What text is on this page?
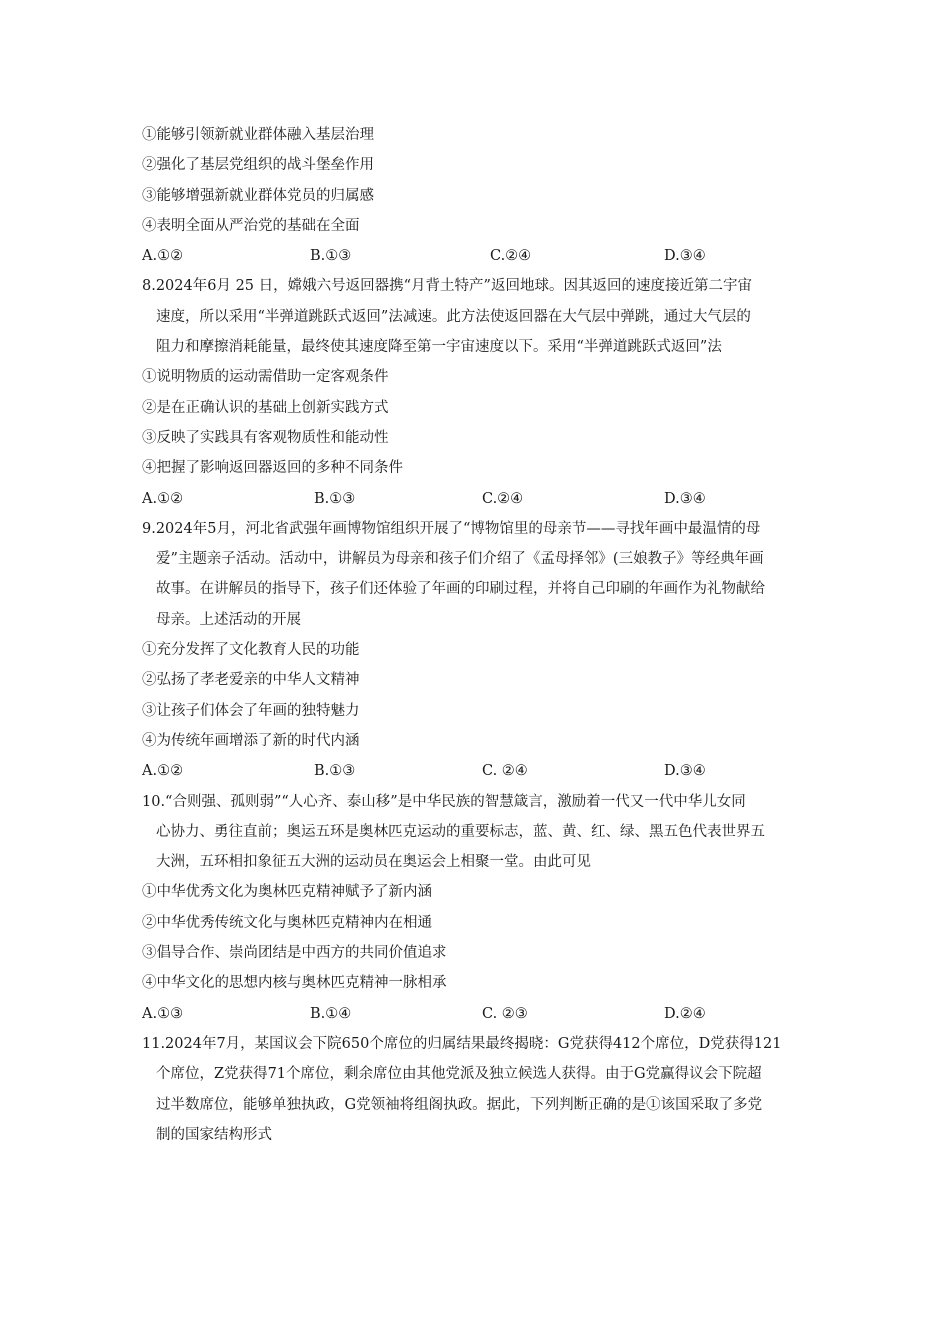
①能够引领新就业群体融入基层治理
②强化了基层党组织的战斗堡垒作用
③能够增强新就业群体党员的归属感
④表明全面从严治党的基础在全面
A.①②	B.①③	C.②④	D.③④
8.2024年6月 25 日，嫦娥六号返回器携“月背土特产”返回地球。因其返回的速度接近第二宇宙
速度，所以采用“半弹道跳跃式返回”法减速。此方法使返回器在大气层中弹跳，通过大气层的
阻力和摩擦消耗能量，最终使其速度降至第一宇宙速度以下。采用“半弹道跳跃式返回”法
①说明物质的运动需借助一定客观条件
②是在正确认识的基础上创新实践方式
③反映了实践具有客观物质性和能动性
④把握了影响返回器返回的多种不同条件
A.①②	B.①③	C.②④	D.③④
9.2024年5月，河北省武强年画博物馆组织开展了“博物馆里的母亲节——寻找年画中最温情的母
爱”主题亲子活动。活动中，讲解员为母亲和孩子们介绍了《孟母择邻》(三娘教子》等经典年画
故事。在讲解员的指导下，孩子们还体验了年画的印刷过程，并将自己印刷的年画作为礼物献给
母亲。上述活动的开展
①充分发挥了文化教育人民的功能
②弘扬了孝老爱亲的中华人文精神
③让孩子们体会了年画的独特魅力
④为传统年画增添了新的时代内涵
A.①②	B.①③	C. ②④	D.③④
10.“合则强、孤则弱”“人心齐、泰山移”是中华民族的智慧箴言，激励着一代又一代中华儿女同
心协力、勇往直前；奥运五环是奥林匹克运动的重要标志，蓝、黄、红、绿、黑五色代表世界五
大洲，五环相扣象征五大洲的运动员在奥运会上相聚一堂。由此可见
①中华优秀文化为奥林匹克精神赋予了新内涵
②中华优秀传统文化与奥林匹克精神内在相通
③倡导合作、崇尚团结是中西方的共同价值追求
④中华文化的思想内核与奥林匹克精神一脉相承
A.①③	B.①④	C. ②③	D.②④
11.2024年7月，某国议会下院650个席位的归属结果最终揭晓：G党获得412个席位，D党获得121
个席位，Z党获得71个席位，剩余席位由其他党派及独立候选人获得。由于G党赢得议会下院超
过半数席位，能够单独执政，G党领袖将组阁执政。据此，下列判断正确的是①该国采取了多党
制的国家结构形式
